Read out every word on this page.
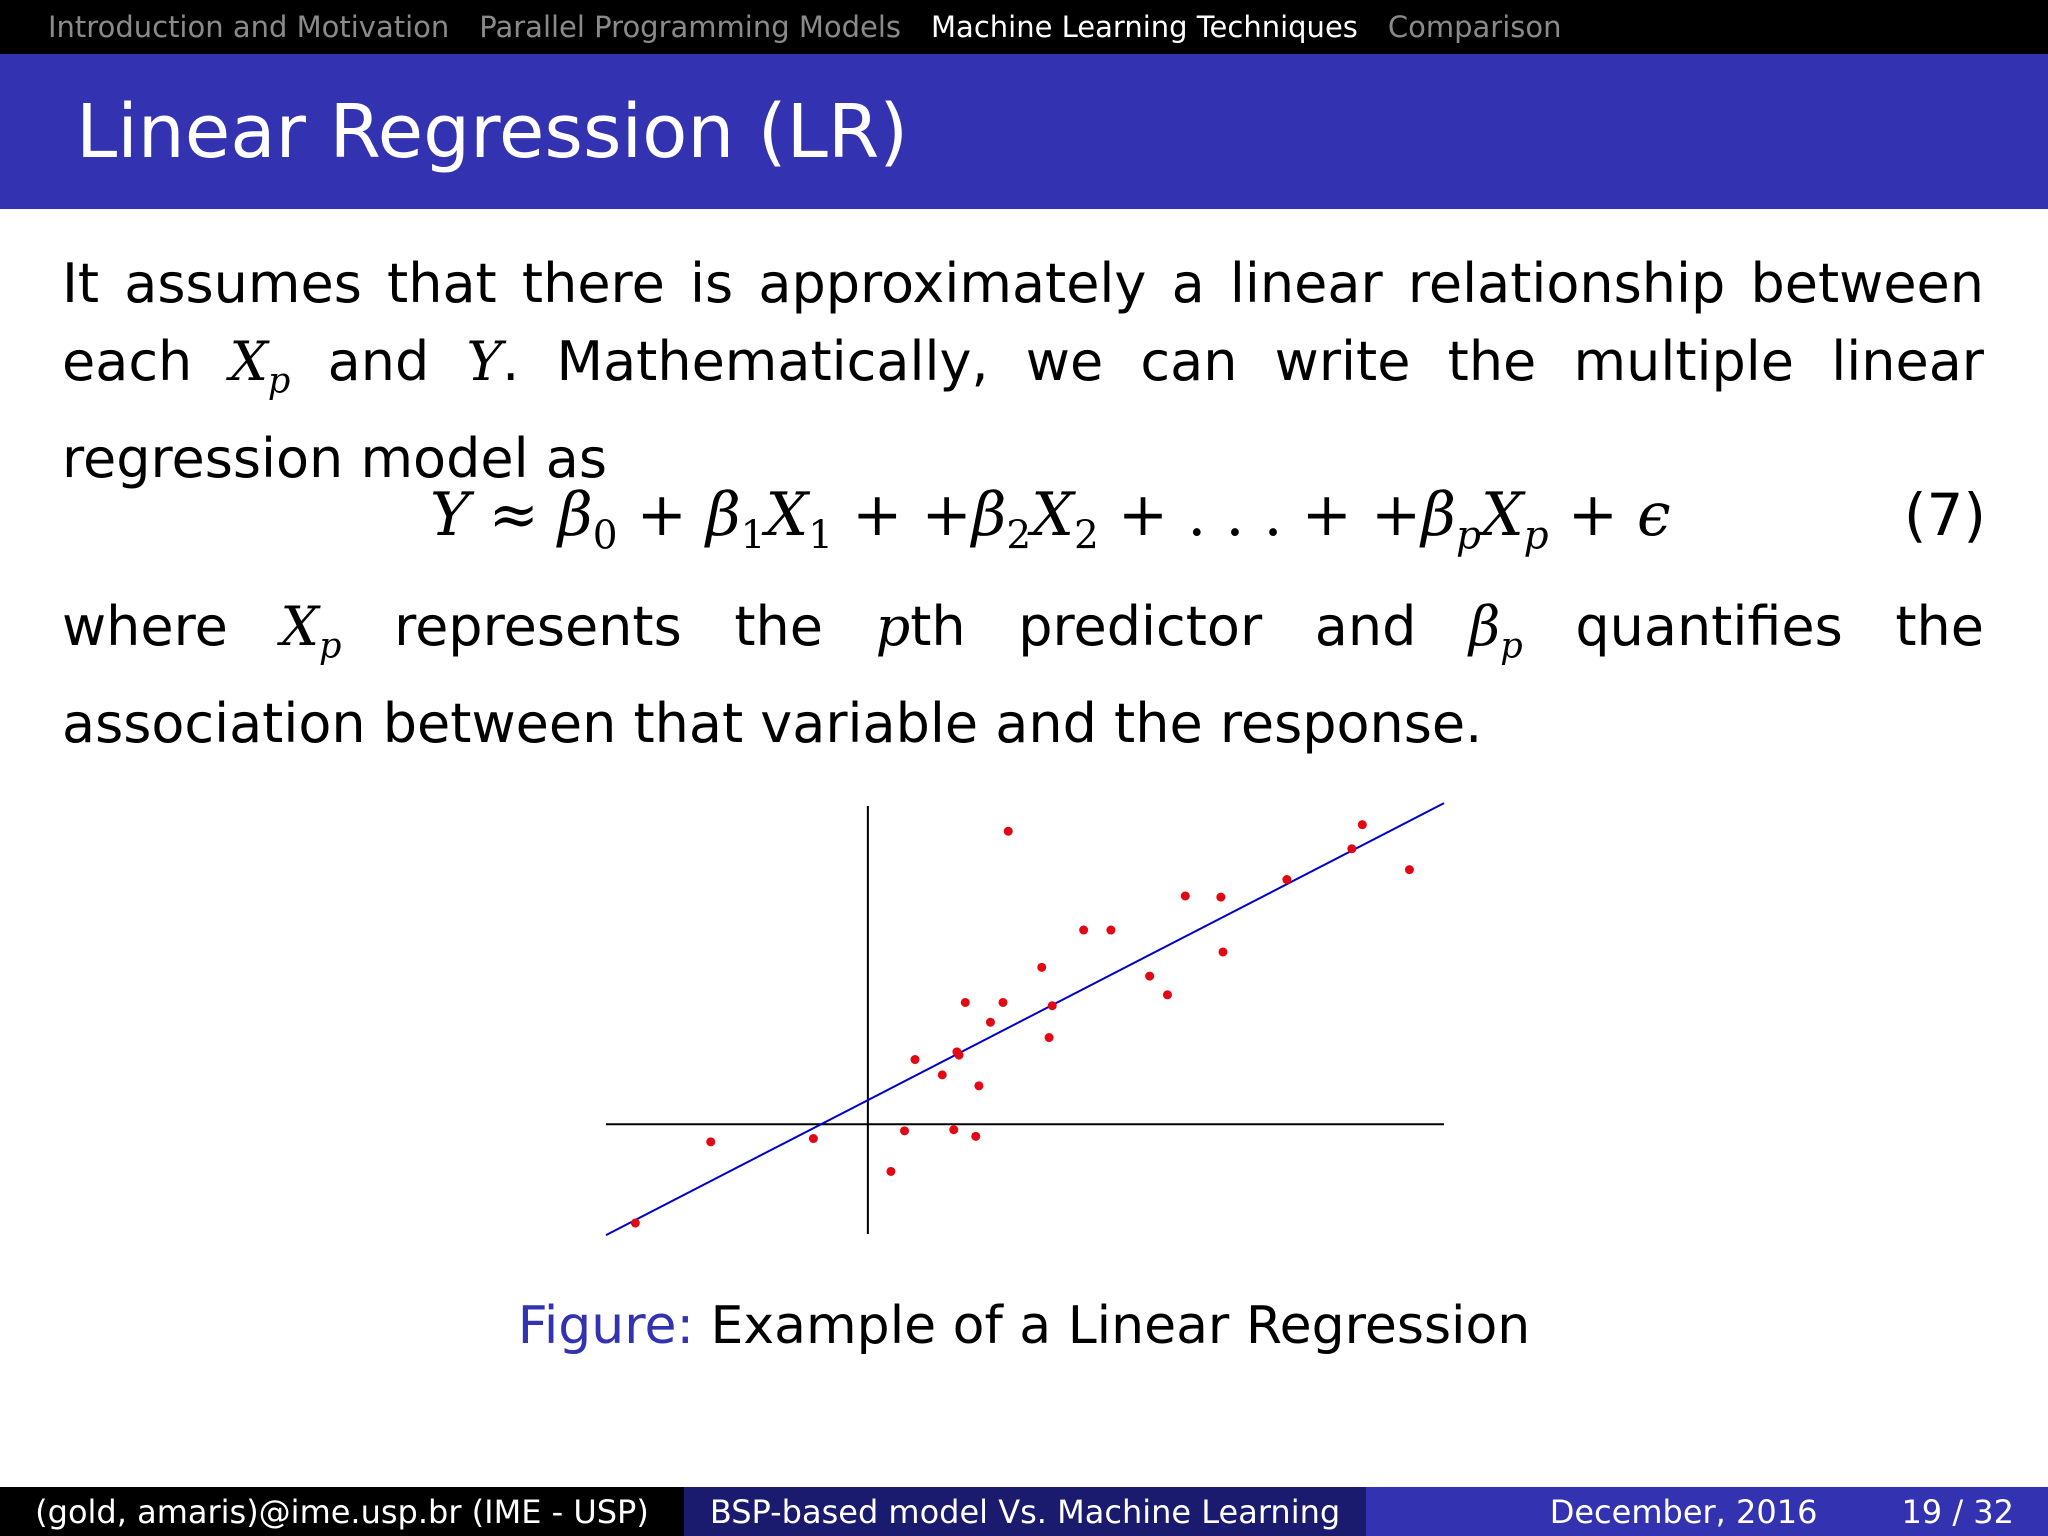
Introduction and Motivation Parallel Programming Models Machine Learning Techniques Comparison
Linear Regression (LR)
It assumes that there is approximately a linear relationship between each $X_p$ and Y. Mathematically, we can write the multiple linear regression model as
$Y \approx \beta_0 + \beta_1X_1 + +\beta_2X_2$ + . . . + $+\beta_pX_p + \epsilon$	(7)
where $X_p$ represents the pth predictor and $\beta_p$ quantifies the association between that variable and the response.
Figure: Example of a Linear Regression
(gold, amaris)@ime.usp.br (IME - USP) BSP-based model Vs. Machine Learning	December, 2016	19 / 32
